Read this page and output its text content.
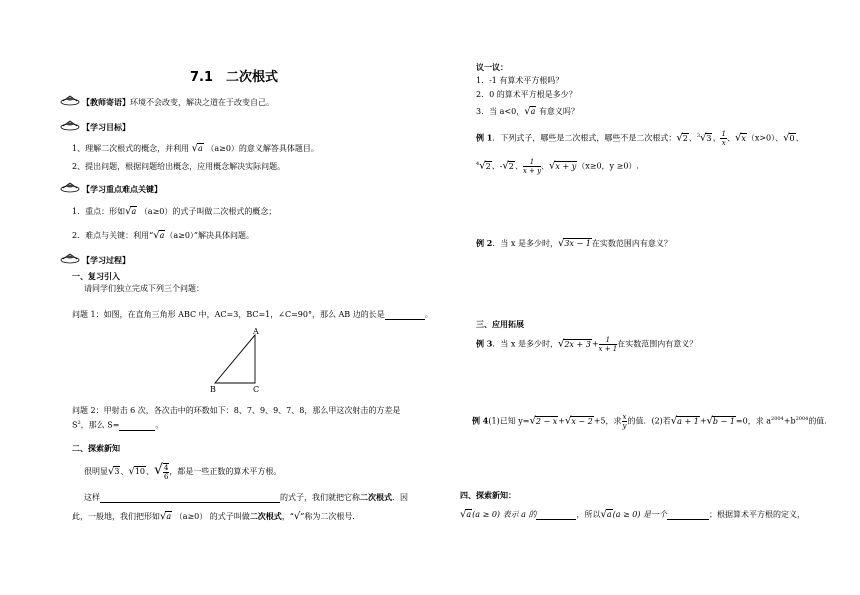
7.1　二次根式
【教师寄语】环境不会改变，解决之道在于改变自己。
【学习目标】
1、理解二次根式的概念，并利用 √a （a≥0）的意义解答具体题目。
2、提出问题，根据问题给出概念，应用概念解决实际问题。
【学习重点难点关键】
1．重点：形如√a （a≥0）的式子叫做二次根式的概念；
2．难点与关键：利用“√a（a≥0）”解决具体问题。
【学习过程】
一、复习引入
请同学们独立完成下列三个问题：
问题 1：如图，在直角三角形 ABC 中，AC=3，BC=1，∠C=90°，那么 AB 边的长是	。
A
B	C
问题 2：甲射击 6 次，各次击中的环数如下：8、7、9、9、7、8，那么甲这次射击的方差是
$S^2$，那么 S=	。
二、探索新知
很明显√3、√10、√ $\frac{4}{6}$ ，都是一些正数的算术平方根。
这样	的式子，我们就把它称二次根式．因
此，一般地，我们把形如√a （a≥0） 的式子叫做二次根式，“√”称为二次根号．
议一议：
1．-1 有算术平方根吗？
2．0 的算术平方根是多少？
3．当 a<0，√a 有意义吗？
例 1．下列式子，哪些是二次根式，哪些不是二次根式：√2、$^3$√3、 $\frac{1}{x}$ 、√x（x>0）、√0、
$^4$√2、-√2、 $\frac{1}{x + y}$ 、√x + y（x≥0，y ≥0）.
例 2．当 x 是多少时，√3x − 1在实数范围内有意义？
三、应用拓展
例 3．当 x 是多少时，$√2x + 3+ \frac{1}{x + 1}$ 在实数范围内有意义？
例 4(1)已知 y=√2 − x+√x − 2+5，求 $\frac{x}{y}$ 的值．(2)若√a + 1+√b − 1=0，求 $a^{2004}+b^{2004}$的值．
四、探索新知：
√a(a ≥ 0) 表示 a 的	，所以√a(a ≥ 0) 是一个	；根据算术平方根的定义，
